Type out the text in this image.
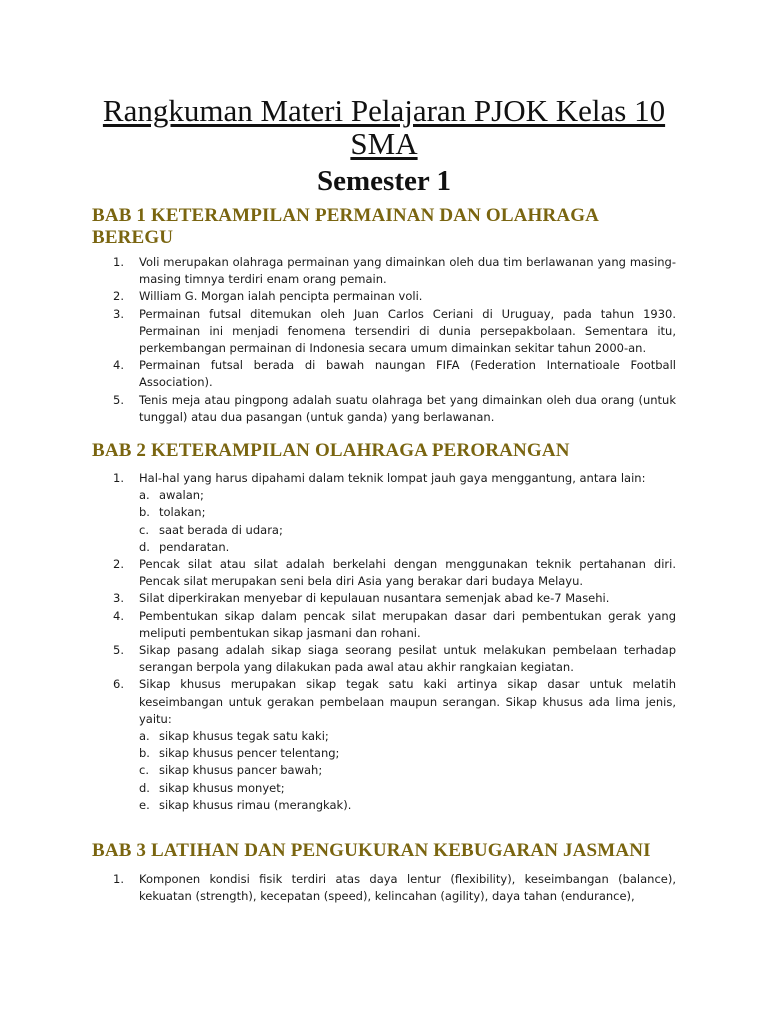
Rangkuman Materi Pelajaran PJOK Kelas 10 SMA
Semester 1
BAB 1 KETERAMPILAN PERMAINAN DAN OLAHRAGA BEREGU
1. Voli merupakan olahraga permainan yang dimainkan oleh dua tim berlawanan yang masing-masing timnya terdiri enam orang pemain.
2. William G. Morgan ialah pencipta permainan voli.
3. Permainan futsal ditemukan oleh Juan Carlos Ceriani di Uruguay, pada tahun 1930. Permainan ini menjadi fenomena tersendiri di dunia persepakbolaan. Sementara itu, perkembangan permainan di Indonesia secara umum dimainkan sekitar tahun 2000-an.
4. Permainan futsal berada di bawah naungan FIFA (Federation Internatioale Football Association).
5. Tenis meja atau pingpong adalah suatu olahraga bet yang dimainkan oleh dua orang (untuk tunggal) atau dua pasangan (untuk ganda) yang berlawanan.
BAB 2 KETERAMPILAN OLAHRAGA PERORANGAN
1. Hal-hal yang harus dipahami dalam teknik lompat jauh gaya menggantung, antara lain:
a. awalan;
b. tolakan;
c. saat berada di udara;
d. pendaratan.
2. Pencak silat atau silat adalah berkelahi dengan menggunakan teknik pertahanan diri. Pencak silat merupakan seni bela diri Asia yang berakar dari budaya Melayu.
3. Silat diperkirakan menyebar di kepulauan nusantara semenjak abad ke-7 Masehi.
4. Pembentukan sikap dalam pencak silat merupakan dasar dari pembentukan gerak yang meliputi pembentukan sikap jasmani dan rohani.
5. Sikap pasang adalah sikap siaga seorang pesilat untuk melakukan pembelaan terhadap serangan berpola yang dilakukan pada awal atau akhir rangkaian kegiatan.
6. Sikap khusus merupakan sikap tegak satu kaki artinya sikap dasar untuk melatih keseimbangan untuk gerakan pembelaan maupun serangan. Sikap khusus ada lima jenis, yaitu:
a. sikap khusus tegak satu kaki;
b. sikap khusus pencer telentang;
c. sikap khusus pancer bawah;
d. sikap khusus monyet;
e. sikap khusus rimau (merangkak).
BAB 3 LATIHAN DAN PENGUKURAN KEBUGARAN JASMANI
1. Komponen kondisi fisik terdiri atas daya lentur (flexibility), keseimbangan (balance), kekuatan (strength), kecepatan (speed), kelincahan (agility), daya tahan (endurance),
